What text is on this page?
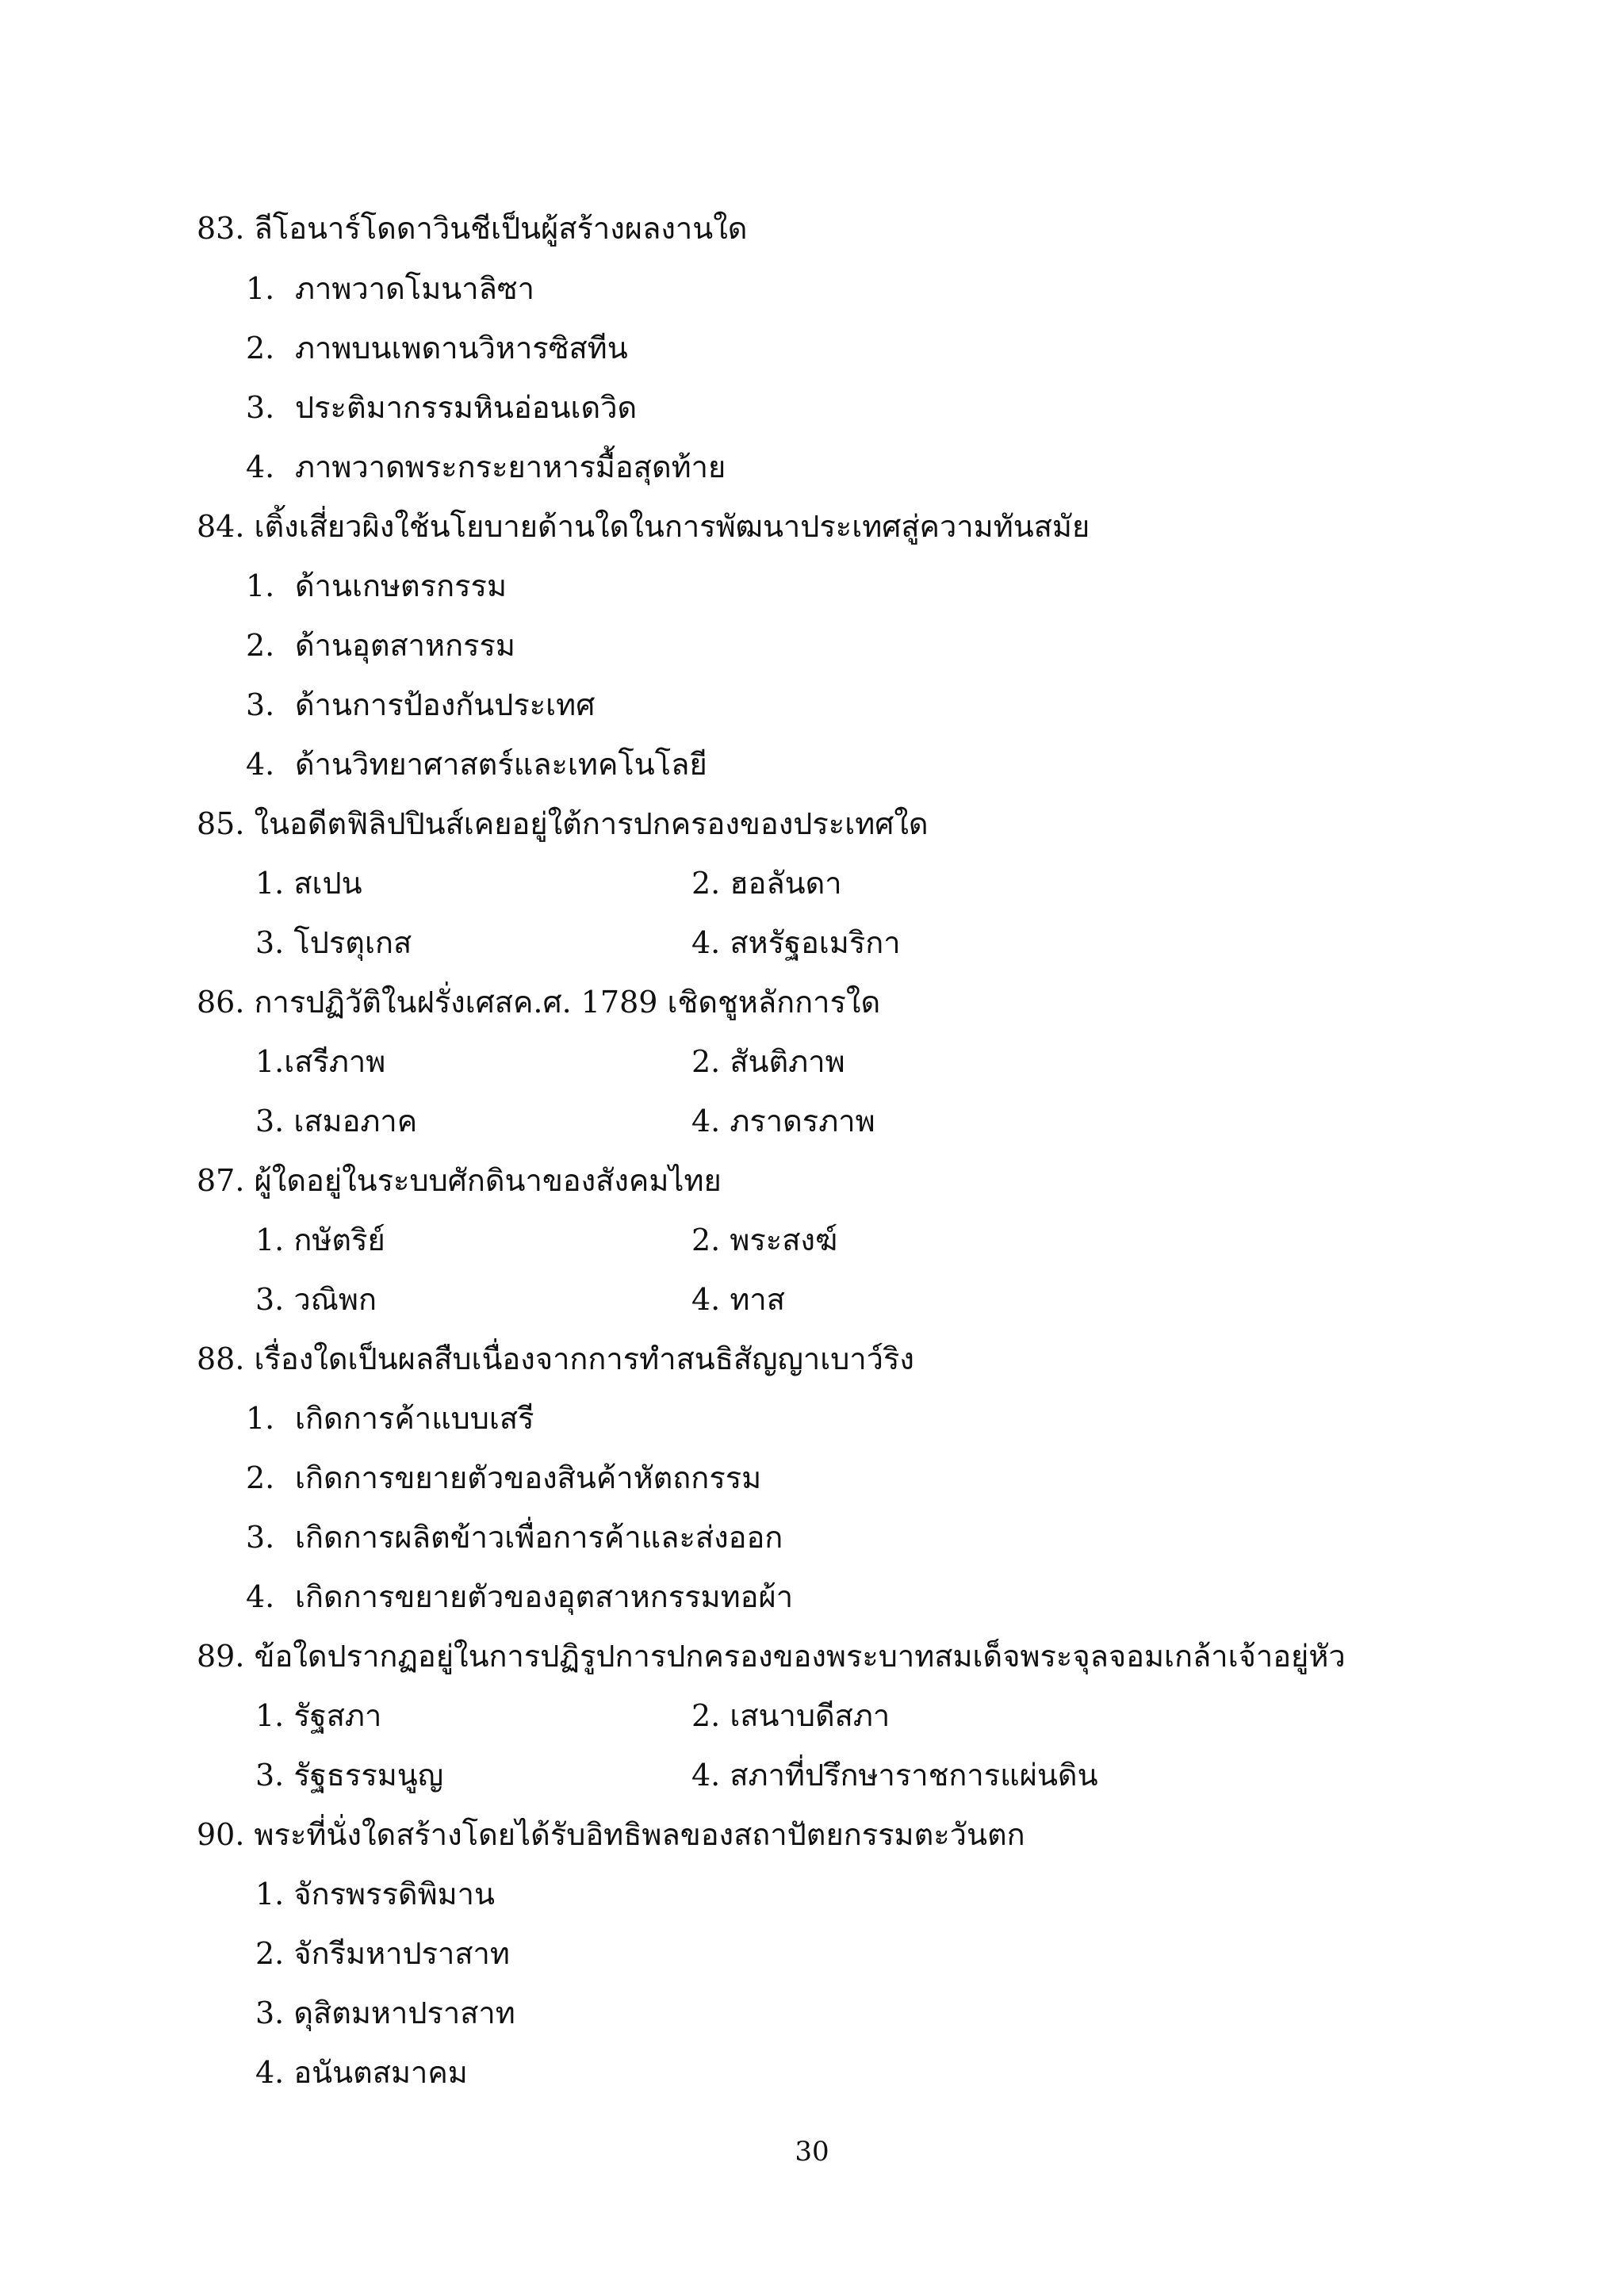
83. ลีโอนาร์โดดาวินชีเป็นผู้สร้างผลงานใด
1. ภาพวาดโมนาลิซา
2. ภาพบนเพดานวิหารซิสทีน
3. ประติมากรรมหินอ่อนเดวิด
4. ภาพวาดพระกระยาหารมื้อสุดท้าย
84. เติ้งเสี่ยวผิงใช้นโยบายด้านใดในการพัฒนาประเทศสู่ความทันสมัย
1. ด้านเกษตรกรรม
2. ด้านอุตสาหกรรม
3. ด้านการป้องกันประเทศ
4. ด้านวิทยาศาสตร์และเทคโนโลยี
85. ในอดีตฟิลิปปินส์เคยอยู่ใต้การปกครองของประเทศใด
1. สเปน	2. ฮอลันดา
3. โปรตุเกส	4. สหรัฐอเมริกา
86. การปฏิวัติในฝรั่งเศสค.ศ. 1789 เชิดชูหลักการใด
1.เสรีภาพ	2. สันติภาพ
3. เสมอภาค	4. ภราดรภาพ
87. ผู้ใดอยู่ในระบบศักดินาของสังคมไทย
1. กษัตริย์	2. พระสงฆ์
3. วณิพก	4. ทาส
88. เรื่องใดเป็นผลสืบเนื่องจากการทำสนธิสัญญาเบาว์ริง
1. เกิดการค้าแบบเสรี
2. เกิดการขยายตัวของสินค้าหัตถกรรม
3. เกิดการผลิตข้าวเพื่อการค้าและส่งออก
4. เกิดการขยายตัวของอุตสาหกรรมทอผ้า
89. ข้อใดปรากฏอยู่ในการปฏิรูปการปกครองของพระบาทสมเด็จพระจุลจอมเกล้าเจ้าอยู่หัว
1. รัฐสภา	2. เสนาบดีสภา
3. รัฐธรรมนูญ	4. สภาที่ปรึกษาราชการแผ่นดิน
90. พระที่นั่งใดสร้างโดยได้รับอิทธิพลของสถาปัตยกรรมตะวันตก
1. จักรพรรดิพิมาน
2. จักรีมหาปราสาท
3. ดุสิตมหาปราสาท
4. อนันตสมาคม
30
